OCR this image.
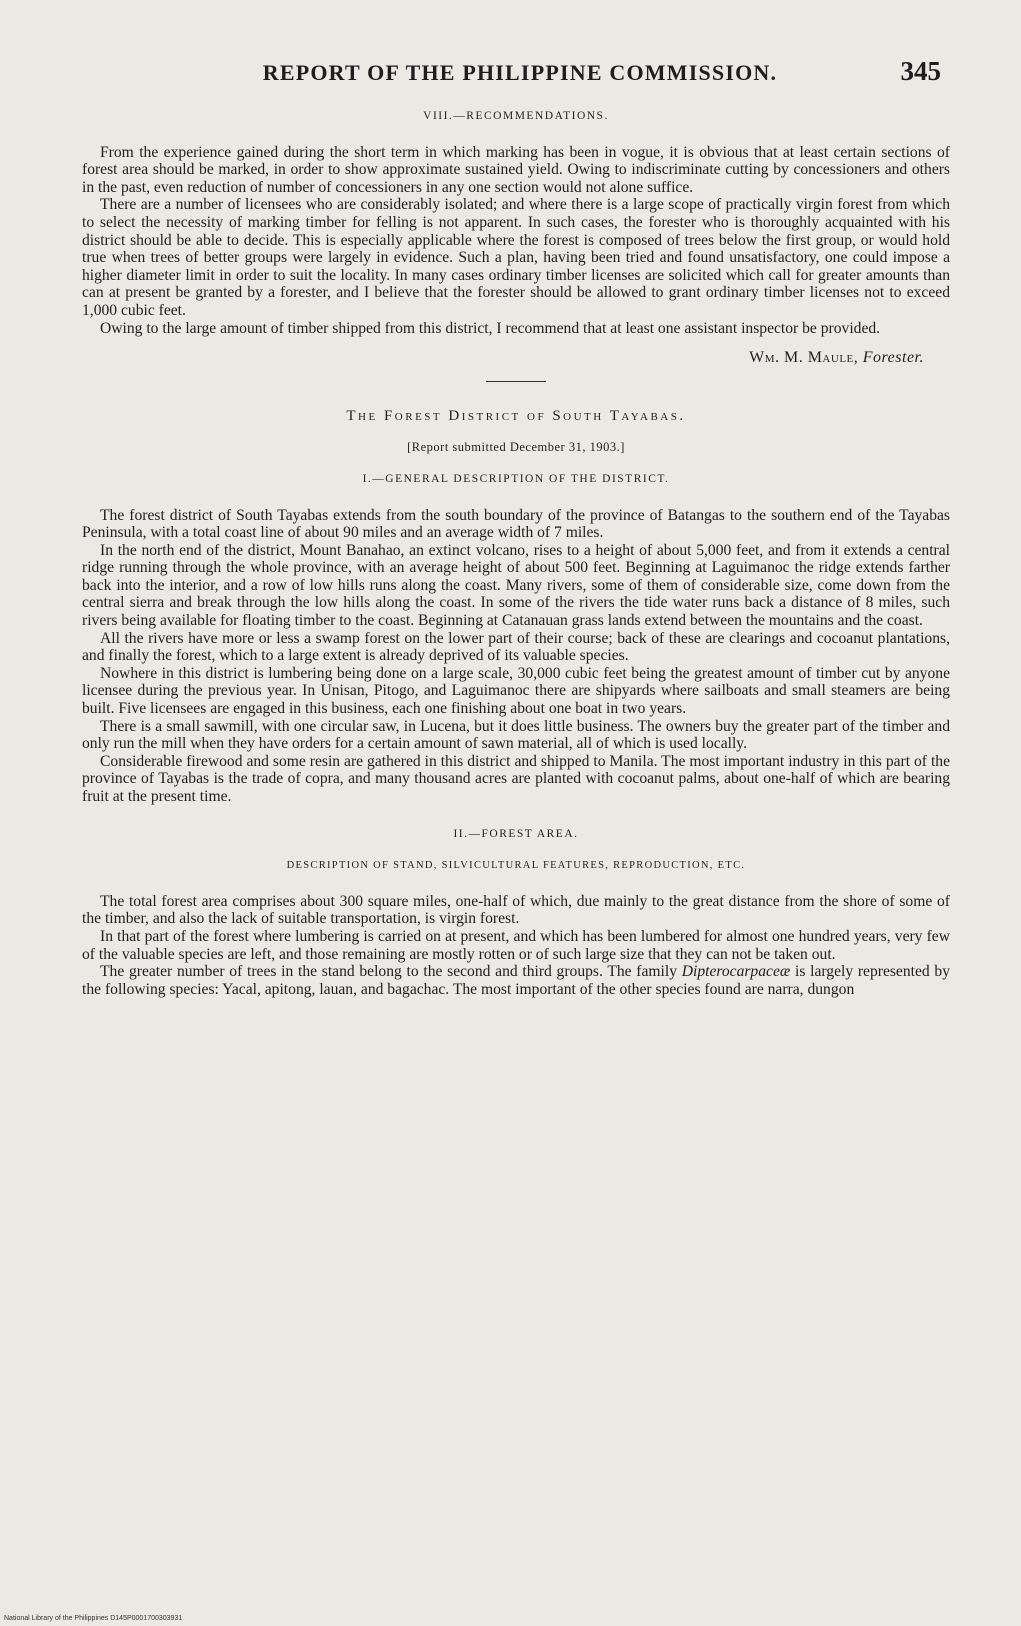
REPORT OF THE PHILIPPINE COMMISSION.	345
VIII.—RECOMMENDATIONS.

From the experience gained during the short term in which marking has been in vogue, it is obvious that at least certain sections of forest area should be marked, in order to show approximate sustained yield. Owing to indiscriminate cutting by concessioners and others in the past, even reduction of number of concessioners in any one section would not alone suffice.

There are a number of licensees who are considerably isolated; and where there is a large scope of practically virgin forest from which to select the necessity of marking timber for felling is not apparent. In such cases, the forester who is thoroughly acquainted with his district should be able to decide. This is especially applicable where the forest is composed of trees below the first group, or would hold true when trees of better groups were largely in evidence. Such a plan, having been tried and found unsatisfactory, one could impose a higher diameter limit in order to suit the locality. In many cases ordinary timber licenses are solicited which call for greater amounts than can at present be granted by a forester, and I believe that the forester should be allowed to grant ordinary timber licenses not to exceed 1,000 cubic feet.

Owing to the large amount of timber shipped from this district, I recommend that at least one assistant inspector be provided.

Wm. M. Maule, Forester.
The Forest District of South Tayabas.
[Report submitted December 31, 1903.]
I.—GENERAL DESCRIPTION OF THE DISTRICT.

The forest district of South Tayabas extends from the south boundary of the province of Batangas to the southern end of the Tayabas Peninsula, with a total coast line of about 90 miles and an average width of 7 miles.

In the north end of the district, Mount Banahao, an extinct volcano, rises to a height of about 5,000 feet, and from it extends a central ridge running through the whole province, with an average height of about 500 feet. Beginning at Laguimanoc the ridge extends farther back into the interior, and a row of low hills runs along the coast. Many rivers, some of them of considerable size, come down from the central sierra and break through the low hills along the coast. In some of the rivers the tide water runs back a distance of 8 miles, such rivers being available for floating timber to the coast. Beginning at Catanauan grass lands extend between the mountains and the coast.

All the rivers have more or less a swamp forest on the lower part of their course; back of these are clearings and cocoanut plantations, and finally the forest, which to a large extent is already deprived of its valuable species.

Nowhere in this district is lumbering being done on a large scale, 30,000 cubic feet being the greatest amount of timber cut by anyone licensee during the previous year. In Unisan, Pitogo, and Laguimanoc there are shipyards where sailboats and small steamers are being built. Five licensees are engaged in this business, each one finishing about one boat in two years.

There is a small sawmill, with one circular saw, in Lucena, but it does little business. The owners buy the greater part of the timber and only run the mill when they have orders for a certain amount of sawn material, all of which is used locally.

Considerable firewood and some resin are gathered in this district and shipped to Manila. The most important industry in this part of the province of Tayabas is the trade of copra, and many thousand acres are planted with cocoanut palms, about one-half of which are bearing fruit at the present time.

II.—FOREST AREA.
DESCRIPTION OF STAND, SILVICULTURAL FEATURES, REPRODUCTION, ETC.

The total forest area comprises about 300 square miles, one-half of which, due mainly to the great distance from the shore of some of the timber, and also the lack of suitable transportation, is virgin forest.

In that part of the forest where lumbering is carried on at present, and which has been lumbered for almost one hundred years, very few of the valuable species are left, and those remaining are mostly rotten or of such large size that they can not be taken out.

The greater number of trees in the stand belong to the second and third groups. The family Dipterocarpaceæ is largely represented by the following species: Yacal, apitong, lauan, and bagachac. The most important of the other species found are narra, dungon

National Library of the Philippines D145P0001700303931
